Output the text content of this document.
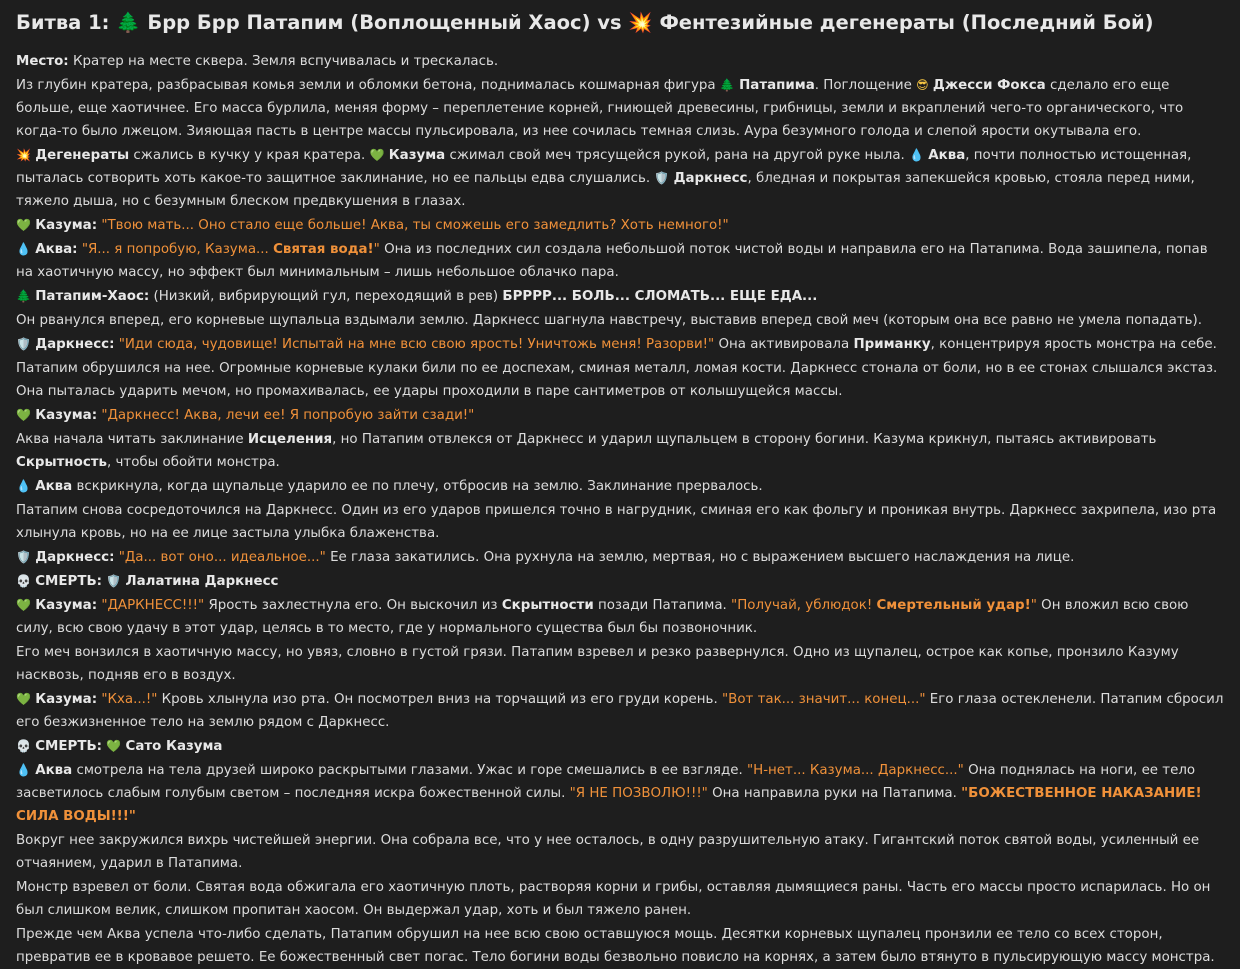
Битва 1: 🌲 Брр Брр Патапим (Воплощенный Хаос) vs 💥 Фентезийные дегенераты (Последний Бой)

Место: Кратер на месте сквера. Земля вспучивалась и трескалась.

Из глубин кратера, разбрасывая комья земли и обломки бетона, поднималась кошмарная фигура 🌲 Патапима. Поглощение 😎 Джесси Фокса сделало его еще больше, еще хаотичнее. Его масса бурлила, меняя форму – переплетение корней, гниющей древесины, грибницы, земли и вкраплений чего-то органического, что когда-то было лжецом. Зияющая пасть в центре массы пульсировала, из нее сочилась темная слизь. Аура безумного голода и слепой ярости окутывала его.

💥 Дегенераты сжались в кучку у края кратера. 💚 Казума сжимал свой меч трясущейся рукой, рана на другой руке ныла. 💧 Аква, почти полностью истощенная, пыталась сотворить хоть какое-то защитное заклинание, но ее пальцы едва слушались. 🛡️ Даркнесс, бледная и покрытая запекшейся кровью, стояла перед ними, тяжело дыша, но с безумным блеском предвкушения в глазах.

💚 Казума: "Твою мать... Оно стало еще больше! Аква, ты сможешь его замедлить? Хоть немного!"

💧 Аква: "Я... я попробую, Казума... Святая вода!" Она из последних сил создала небольшой поток чистой воды и направила его на Патапима. Вода зашипела, попав на хаотичную массу, но эффект был минимальным – лишь небольшое облачко пара.

🌲 Патапим-Хаос: (Низкий, вибрирующий гул, переходящий в рев) БРРРР... БОЛЬ... СЛОМАТЬ... ЕЩЕ ЕДА...

Он рванулся вперед, его корневые щупальца вздымали землю. Даркнесс шагнула навстречу, выставив вперед свой меч (которым она все равно не умела попадать).

🛡️ Даркнесс: "Иди сюда, чудовище! Испытай на мне всю свою ярость! Уничтожь меня! Разорви!" Она активировала Приманку, концентрируя ярость монстра на себе.

Патапим обрушился на нее. Огромные корневые кулаки били по ее доспехам, сминая металл, ломая кости. Даркнесс стонала от боли, но в ее стонах слышался экстаз. Она пыталась ударить мечом, но промахивалась, ее удары проходили в паре сантиметров от колышущейся массы.

💚 Казума: "Даркнесс! Аква, лечи ее! Я попробую зайти сзади!"

Аква начала читать заклинание Исцеления, но Патапим отвлекся от Даркнесс и ударил щупальцем в сторону богини. Казума крикнул, пытаясь активировать Скрытность, чтобы обойти монстра.

💧 Аква вскрикнула, когда щупальце ударило ее по плечу, отбросив на землю. Заклинание прервалось.

Патапим снова сосредоточился на Даркнесс. Один из его ударов пришелся точно в нагрудник, сминая его как фольгу и проникая внутрь. Даркнесс захрипела, изо рта хлынула кровь, но на ее лице застыла улыбка блаженства.

🛡️ Даркнесс: "Да... вот оно... идеальное..." Ее глаза закатились. Она рухнула на землю, мертвая, но с выражением высшего наслаждения на лице.

💀 СМЕРТЬ: 🛡️ Лалатина Даркнесс

💚 Казума: "ДАРКНЕСС!!!" Ярость захлестнула его. Он выскочил из Скрытности позади Патапима. "Получай, ублюдок! Смертельный удар!" Он вложил всю свою силу, всю свою удачу в этот удар, целясь в то место, где у нормального существа был бы позвоночник.

Его меч вонзился в хаотичную массу, но увяз, словно в густой грязи. Патапим взревел и резко развернулся. Одно из щупалец, острое как копье, пронзило Казуму насквозь, подняв его в воздух.

💚 Казума: "Кха...!" Кровь хлынула изо рта. Он посмотрел вниз на торчащий из его груди корень. "Вот так... значит... конец..." Его глаза остекленели. Патапим сбросил его безжизненное тело на землю рядом с Даркнесс.

💀 СМЕРТЬ: 💚 Сато Казума

💧 Аква смотрела на тела друзей широко раскрытыми глазами. Ужас и горе смешались в ее взгляде. "Н-нет... Казума... Даркнесс..." Она поднялась на ноги, ее тело засветилось слабым голубым светом – последняя искра божественной силы. "Я НЕ ПОЗВОЛЮ!!!" Она направила руки на Патапима. "БОЖЕСТВЕННОЕ НАКАЗАНИЕ! СИЛА ВОДЫ!!!"

Вокруг нее закружился вихрь чистейшей энергии. Она собрала все, что у нее осталось, в одну разрушительную атаку. Гигантский поток святой воды, усиленный ее отчаянием, ударил в Патапима.

Монстр взревел от боли. Святая вода обжигала его хаотичную плоть, растворяя корни и грибы, оставляя дымящиеся раны. Часть его массы просто испарилась. Но он был слишком велик, слишком пропитан хаосом. Он выдержал удар, хоть и был тяжело ранен.

Прежде чем Аква успела что-либо сделать, Патапим обрушил на нее всю свою оставшуюся мощь. Десятки корневых щупалец пронзили ее тело со всех сторон, превратив ее в кровавое решето. Ее божественный свет погас. Тело богини воды безвольно повисло на корнях, а затем было втянуто в пульсирующую массу монстра.
